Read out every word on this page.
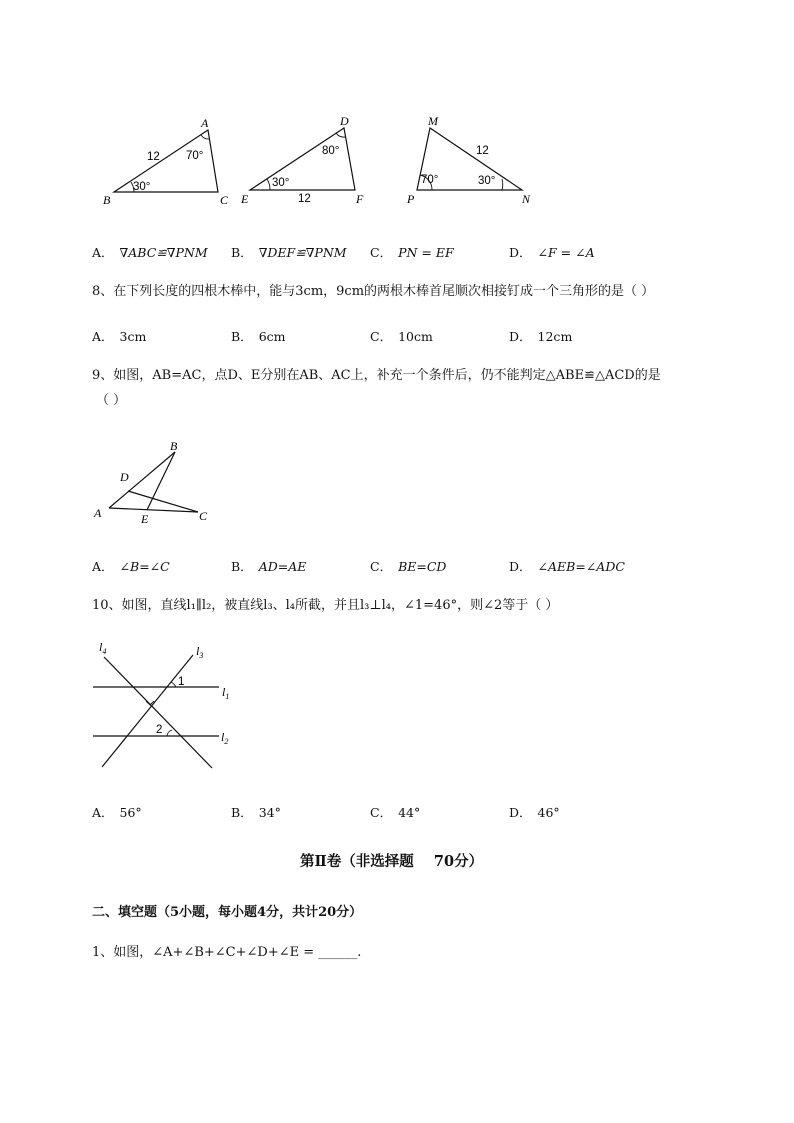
A
B	C
12 70°
30°
D
E	F
12
80°
30°
M
P	N
12
70°	30°
A． ∇ABC≌∇PNM B． ∇DEF≌∇PNM C． PN = EF	D． ∠F = ∠A
8、在下列长度的四根木棒中，能与3cm，9cm的两根木棒首尾顺次相接钉成一个三角形的是（ ）
A． 3cm	B． 6cm	C． 10cm	D． 12cm
9、如图，AB=AC，点D、E分别在AB、AC上，补充一个条件后，仍不能判定△ABE≌△ACD的是
（ ）
B
D
A	E	C
A． ∠B=∠C	B． AD=AE	C． BE=CD	D． ∠AEB=∠ADC
10、如图，直线l₁∥l₂，被直线l₃、l₄所截，并且l₃⊥l₄，∠1=46°，则∠2等于（ ）
$l_4$	$l_3$
$l_1$
$l_2$
1
2
A． 56°	B． 34°	C． 44°	D． 46°
第Ⅱ卷（非选择题    70分）
二、填空题（5小题，每小题4分，共计20分）
1、如图，∠A+∠B+∠C+∠D+∠E = ______.
